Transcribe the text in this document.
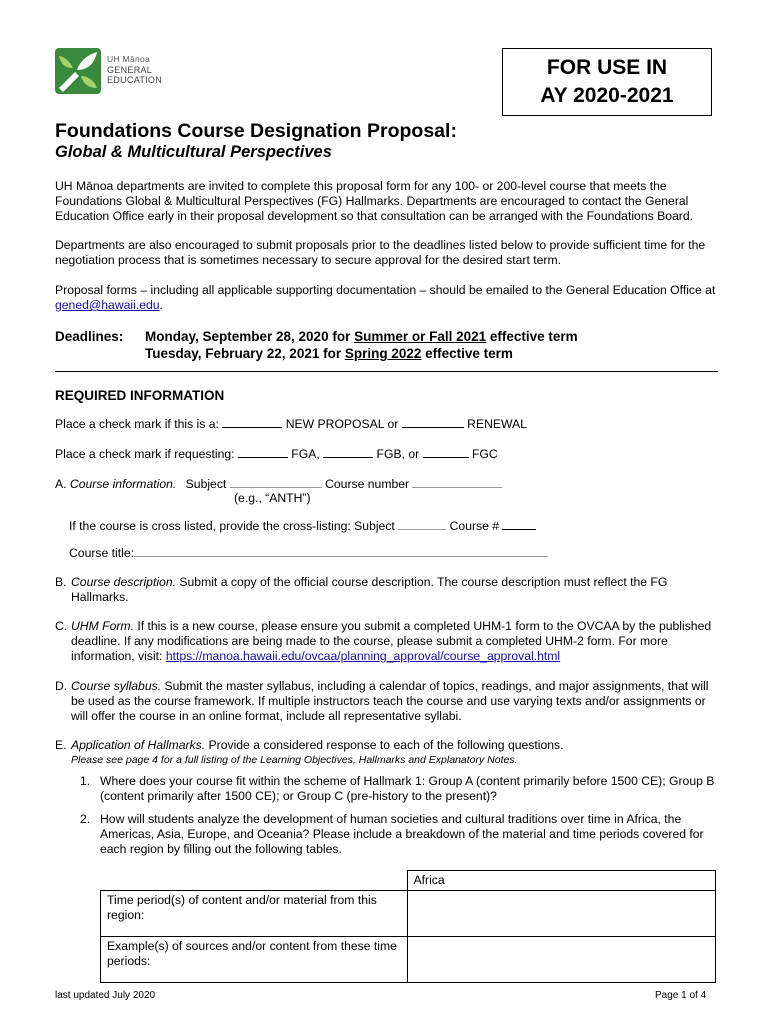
UH Mānoa
GENERAL
EDUCATION
FOR USE IN
AY 2020-2021
Foundations Course Designation Proposal:
Global & Multicultural Perspectives
UH Mānoa departments are invited to complete this proposal form for any 100- or 200-level course that meets the Foundations Global & Multicultural Perspectives (FG) Hallmarks. Departments are encouraged to contact the General Education Office early in their proposal development so that consultation can be arranged with the Foundations Board.
Departments are also encouraged to submit proposals prior to the deadlines listed below to provide sufficient time for the negotiation process that is sometimes necessary to secure approval for the desired start term.
Proposal forms – including all applicable supporting documentation – should be emailed to the General Education Office at gened@hawaii.edu.
Deadlines: Monday, September 28, 2020 for Summer or Fall 2021 effective term
Tuesday, February 22, 2021 for Spring 2022 effective term
REQUIRED INFORMATION
Place a check mark if this is a:	NEW PROPOSAL or	RENEWAL
Place a check mark if requesting:	FGA,	FGB, or	FGC
A. Course information. Subject	Course number
(e.g., “ANTH”)
If the course is cross listed, provide the cross-listing: Subject	Course #
Course title:
B. Course description. Submit a copy of the official course description. The course description must reflect the FG Hallmarks.
C. UHM Form. If this is a new course, please ensure you submit a completed UHM-1 form to the OVCAA by the published deadline. If any modifications are being made to the course, please submit a completed UHM-2 form. For more information, visit: https://manoa.hawaii.edu/ovcaa/planning_approval/course_approval.html
D. Course syllabus. Submit the master syllabus, including a calendar of topics, readings, and major assignments, that will be used as the course framework. If multiple instructors teach the course and use varying texts and/or assignments or will offer the course in an online format, include all representative syllabi.
E. Application of Hallmarks. Provide a considered response to each of the following questions.
Please see page 4 for a full listing of the Learning Objectives, Hallmarks and Explanatory Notes.
1. Where does your course fit within the scheme of Hallmark 1: Group A (content primarily before 1500 CE); Group B (content primarily after 1500 CE); or Group C (pre-history to the present)?
2. How will students analyze the development of human societies and cultural traditions over time in Africa, the Americas, Asia, Europe, and Oceania? Please include a breakdown of the material and time periods covered for each region by filling out the following tables.
	Africa
Time period(s) of content and/or material from this region:	
Example(s) of sources and/or content from these time periods:	
last updated July 2020	Page 1 of 4
